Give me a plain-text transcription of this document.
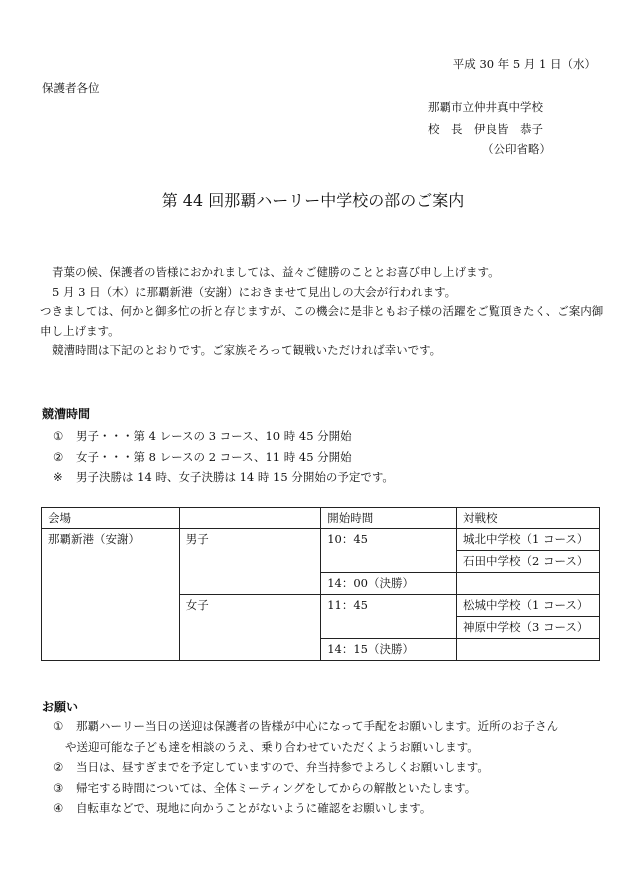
平成 30 年 5 月 1 日（水）
保護者各位
那覇市立仲井真中学校
校　長　伊良皆　恭子
（公印省略）
第 44 回那覇ハーリー中学校の部のご案内

青葉の候、保護者の皆様におかれましては、益々ご健勝のこととお喜び申し上げます。

5 月 3 日（木）に那覇新港（安謝）におきませて見出しの大会が行われます。

つきましては、何かと御多忙の折と存じますが、この機会に是非ともお子様の活躍をご覧頂きたく、ご案内御申し上げます。

競漕時間は下記のとおりです。ご家族そろって観戦いただければ幸いです。

競漕時間
①	男子・・・第 4 レースの 3 コース、10 時 45 分開始
②	女子・・・第 8 レースの 2 コース、11 時 45 分開始
※	男子決勝は 14 時、女子決勝は 14 時 15 分開始の予定です。
会場		開始時間	対戦校
那覇新港（安謝）	男子	10：45	城北中学校（1 コース）
			石田中学校（2 コース）
		14：00（決勝）	
	女子	11：45	松城中学校（1 コース）
			神原中学校（3 コース）
		14：15（決勝）	
お願い
①	那覇ハーリー当日の送迎は保護者の皆様が中心になって手配をお願いします。近所のお子さん
や送迎可能な子ども達を相談のうえ、乗り合わせていただくようお願いします。
②	当日は、昼すぎまでを予定していますので、弁当持参でよろしくお願いします。
③	帰宅する時間については、全体ミーティングをしてからの解散といたします。
④	自転車などで、現地に向かうことがないように確認をお願いします。
